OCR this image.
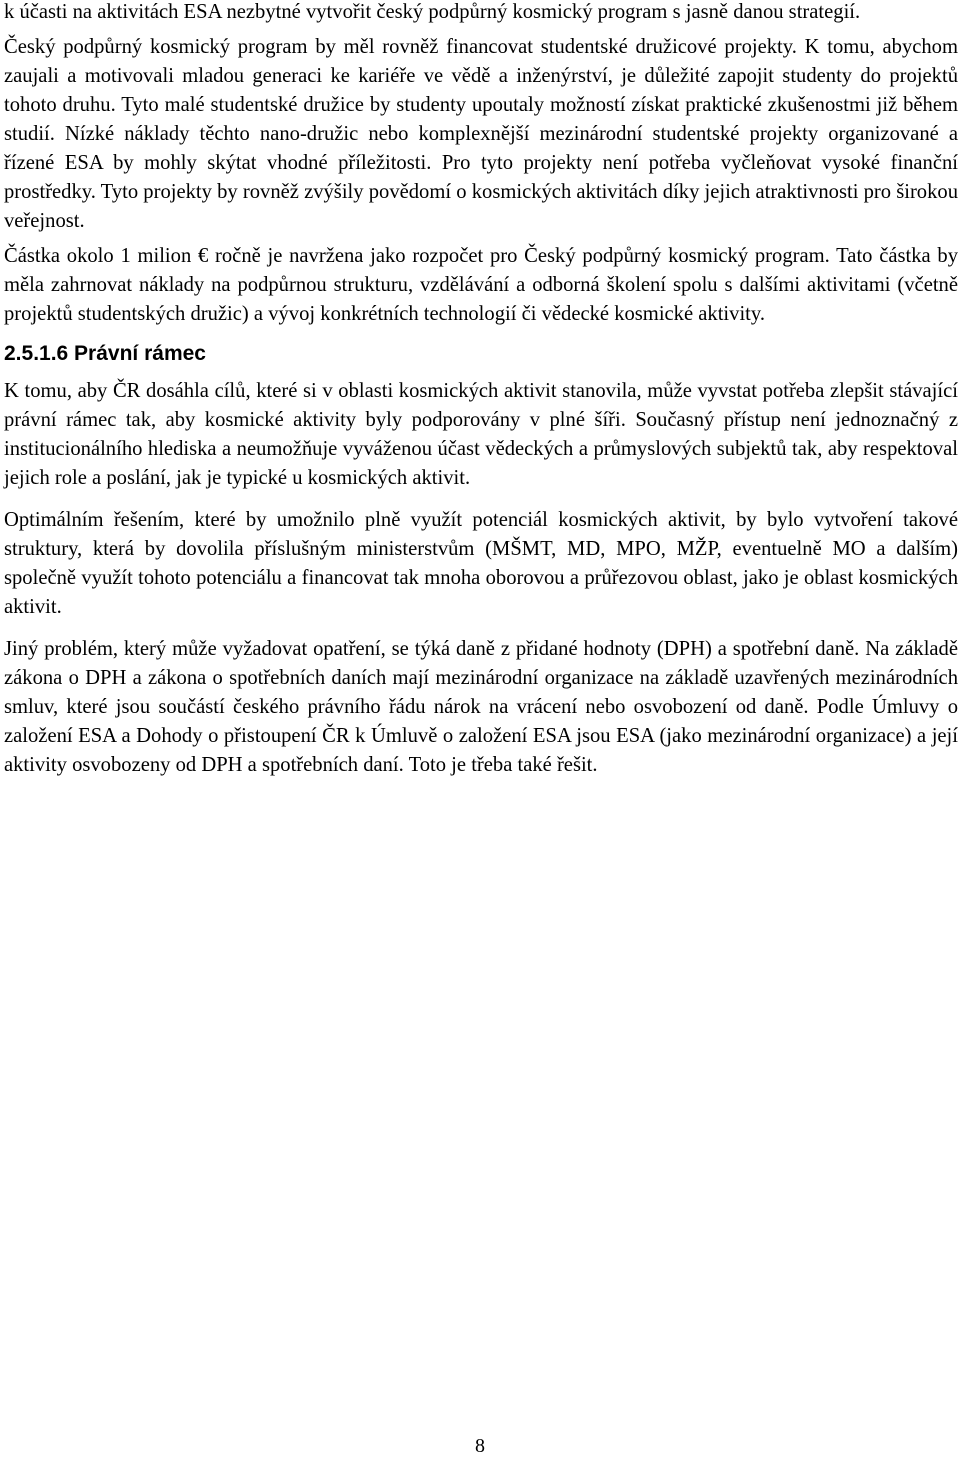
k účasti na aktivitách ESA nezbytné vytvořit český podpůrný kosmický program s jasně danou strategií.

Český podpůrný kosmický program by měl rovněž financovat studentské družicové projekty. K tomu, abychom zaujali a motivovali mladou generaci ke kariéře ve vědě a inženýrství, je důležité zapojit studenty do projektů tohoto druhu. Tyto malé studentské družice by studenty upoutaly možností získat praktické zkušenostmi již během studií. Nízké náklady těchto nano-družic nebo komplexnější mezinárodní studentské projekty organizované a řízené ESA by mohly skýtat vhodné příležitosti. Pro tyto projekty není potřeba vyčleňovat vysoké finanční prostředky. Tyto projekty by rovněž zvýšily povědomí o kosmických aktivitách díky jejich atraktivnosti pro širokou veřejnost.

Částka okolo 1 milion € ročně je navržena jako rozpočet pro Český podpůrný kosmický program. Tato částka by měla zahrnovat náklady na podpůrnou strukturu, vzdělávání a odborná školení spolu s dalšími aktivitami (včetně projektů studentských družic) a vývoj konkrétních technologií či vědecké kosmické aktivity.

2.5.1.6 Právní rámec

K tomu, aby ČR dosáhla cílů, které si v oblasti kosmických aktivit stanovila, může vyvstat potřeba zlepšit stávající právní rámec tak, aby kosmické aktivity byly podporovány v plné šíři. Současný přístup není jednoznačný z institucionálního hlediska a neumožňuje vyváženou účast vědeckých a průmyslových subjektů tak, aby respektoval jejich role a poslání, jak je typické u kosmických aktivit.

Optimálním řešením, které by umožnilo plně využít potenciál kosmických aktivit, by bylo vytvoření takové struktury, která by dovolila příslušným ministerstvům (MŠMT, MD, MPO, MŽP, eventuelně MO a dalším) společně využít tohoto potenciálu a financovat tak mnoha oborovou a průřezovou oblast, jako je oblast kosmických aktivit.

Jiný problém, který může vyžadovat opatření, se týká daně z přidané hodnoty (DPH) a spotřební daně. Na základě zákona o DPH a zákona o spotřebních daních mají mezinárodní organizace na základě uzavřených mezinárodních smluv, které jsou součástí českého právního řádu nárok na vrácení nebo osvobození od daně. Podle Úmluvy o založení ESA a Dohody o přistoupení ČR k Úmluvě o založení ESA jsou ESA (jako mezinárodní organizace) a její aktivity osvobozeny od DPH a spotřebních daní. Toto je třeba také řešit.

8
